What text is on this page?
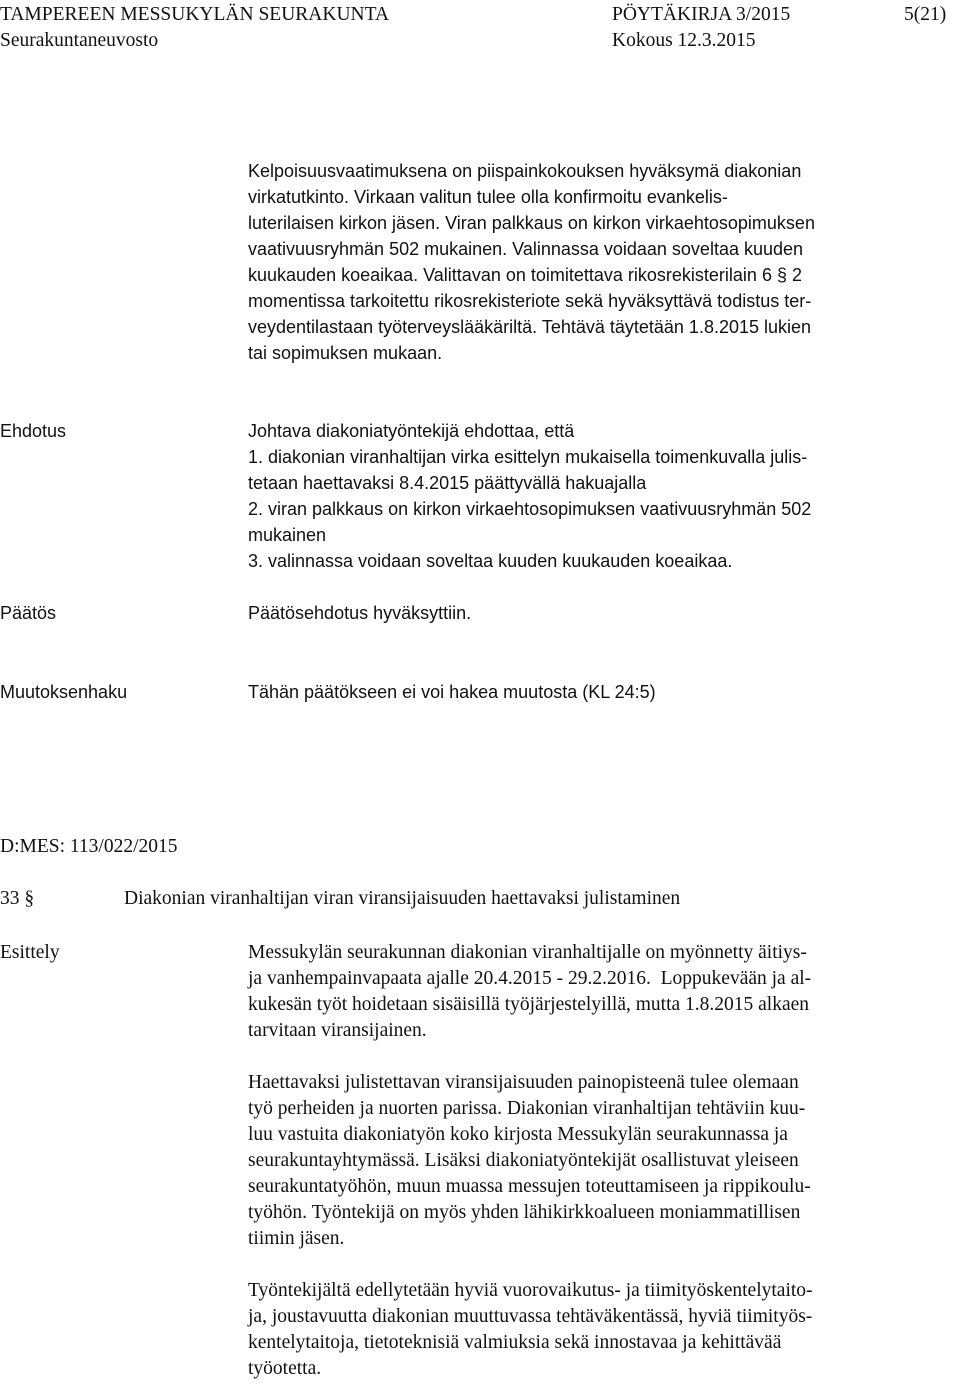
TAMPEREEN MESSUKYLÄN SEURAKUNTA	PÖYTÄKIRJA 3/2015	5(21)
Seurakuntaneuvosto	Kokous 12.3.2015
Kelpoisuusvaatimuksena on piispainkokouksen hyväksymä diakonian
virkatutkinto. Virkaan valitun tulee olla konfirmoitu evankelis-
luterilaisen kirkon jäsen. Viran palkkaus on kirkon virkaehtosopimuksen
vaativuusryhmän 502 mukainen. Valinnassa voidaan soveltaa kuuden
kuukauden koeaikaa. Valittavan on toimitettava rikosrekisterilain 6 § 2
momentissa tarkoitettu rikosrekisteriote sekä hyväksyttävä todistus ter-
veydentilastaan työterveyslääkäriltä. Tehtävä täytetään 1.8.2015 lukien
tai sopimuksen mukaan.
Ehdotus	Johtava diakoniatyöntekijä ehdottaa, että
1. diakonian viranhaltijan virka esittelyn mukaisella toimenkuvalla julis-
tetaan haettavaksi 8.4.2015 päättyvällä hakuajalla
2. viran palkkaus on kirkon virkaehtosopimuksen vaativuusryhmän 502
mukainen
3. valinnassa voidaan soveltaa kuuden kuukauden koeaikaa.
Päätös	Päätösehdotus hyväksyttiin.
Muutoksenhaku	Tähän päätökseen ei voi hakea muutosta (KL 24:5)
D:MES: 113/022/2015
33 §	Diakonian viranhaltijan viran viransijaisuuden haettavaksi julistaminen
Esittely	Messukylän seurakunnan diakonian viranhaltijalle on myönnetty äitiys-
ja vanhempainvapaata ajalle 20.4.2015 - 29.2.2016.  Loppukevään ja al-
kukesän työt hoidetaan sisäisillä työjärjestelyillä, mutta 1.8.2015 alkaen
tarvitaan viransijainen.
Haettavaksi julistettavan viransijaisuuden painopisteenä tulee olemaan
työ perheiden ja nuorten parissa. Diakonian viranhaltijan tehtäviin kuu-
luu vastuita diakoniatyön koko kirjosta Messukylän seurakunnassa ja
seurakuntayhtymässä. Lisäksi diakoniatyöntekijät osallistuvat yleiseen
seurakuntatyöhön, muun muassa messujen toteuttamiseen ja rippikoulu-
työhön. Työntekijä on myös yhden lähikirkkoalueen moniammatillisen
tiimin jäsen.
Työntekijältä edellytetään hyviä vuorovaikutus- ja tiimityöskentelytaito-
ja, joustavuutta diakonian muuttuvassa tehtäväkentässä, hyviä tiimityös-
kentelytaitoja, tietoteknisiä valmiuksia sekä innostavaa ja kehittävää
työotetta.
